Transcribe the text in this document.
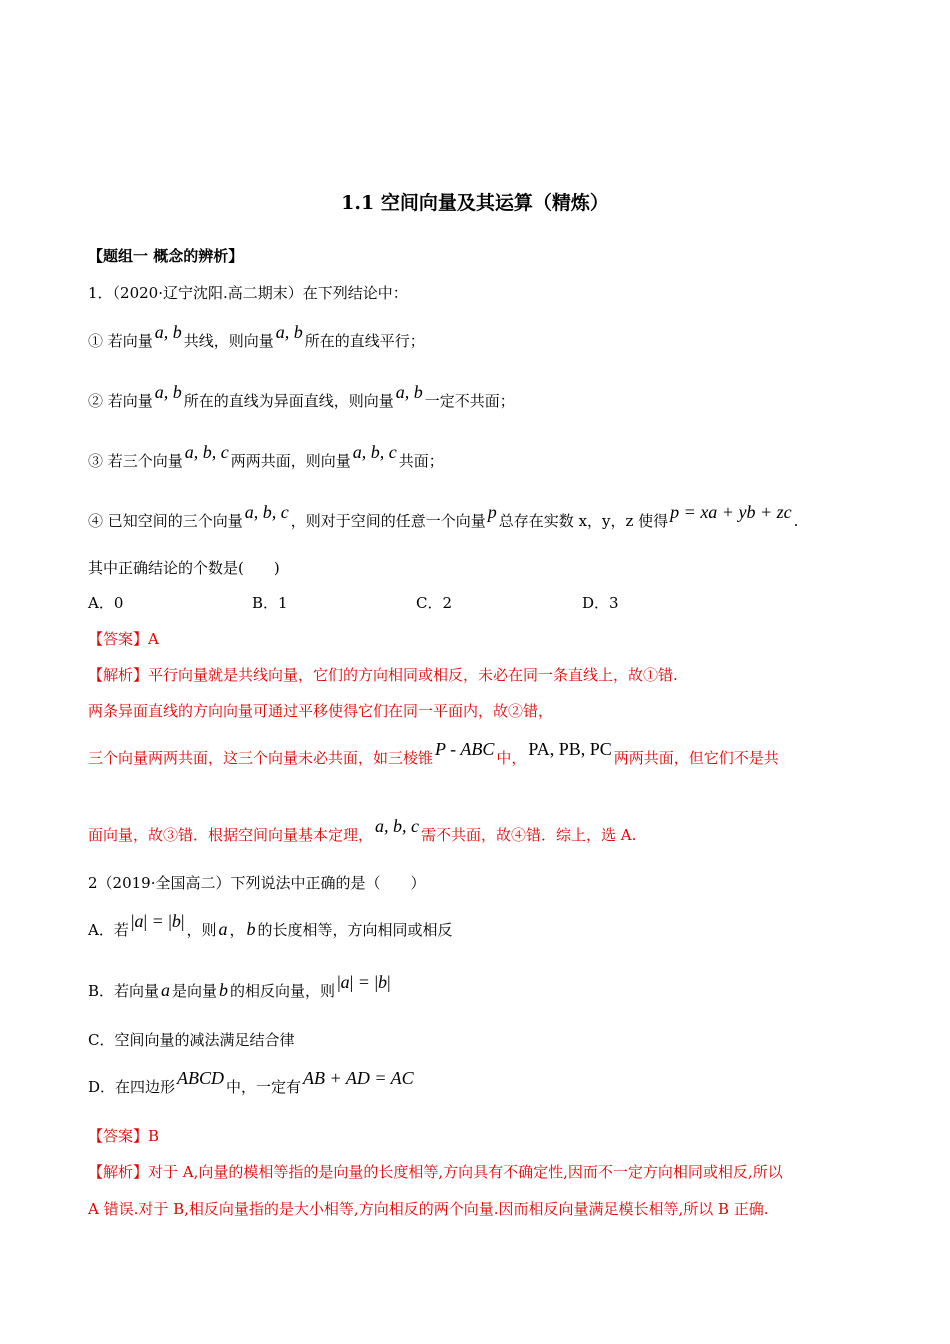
1.1 空间向量及其运算（精炼）
【题组一 概念的辨析】
1．（2020·辽宁沈阳.高二期末）在下列结论中：
① 若向量 a, b 共线，则向量 a, b 所在的直线平行；
② 若向量 a, b 所在的直线为异面直线，则向量 a, b 一定不共面；
③ 若三个向量 a, b, c 两两共面，则向量 a, b, c 共面；
④ 已知空间的三个向量 a, b, c ，则对于空间的任意一个向量 p 总存在实数 x，y，z 使得 p = xa + yb + zc .
其中正确结论的个数是(　　)
A．0	B．1	C．2	D．3
【答案】A
【解析】平行向量就是共线向量，它们的方向相同或相反，未必在同一条直线上，故①错.
两条异面直线的方向向量可通过平移使得它们在同一平面内，故②错，
三个向量两两共面，这三个向量未必共面，如三棱锥 P - ABC 中， PA, PB, PC 两两共面，但它们不是共
面向量，故③错．根据空间向量基本定理， a, b, c 需不共面，故④错．综上，选 A.
2（2019·全国高二）下列说法中正确的是（　　）
A．若 |a| = |b| ，则 a ， b 的长度相等，方向相同或相反
B．若向量 a 是向量 b 的相反向量，则 |a| = |b|
C．空间向量的减法满足结合律
D．在四边形 ABCD 中，一定有 AB + AD = AC
【答案】B
【解析】对于 A,向量的模相等指的是向量的长度相等,方向具有不确定性,因而不一定方向相同或相反,所以
A 错误.对于 B,相反向量指的是大小相等,方向相反的两个向量.因而相反向量满足模长相等,所以 B 正确.
